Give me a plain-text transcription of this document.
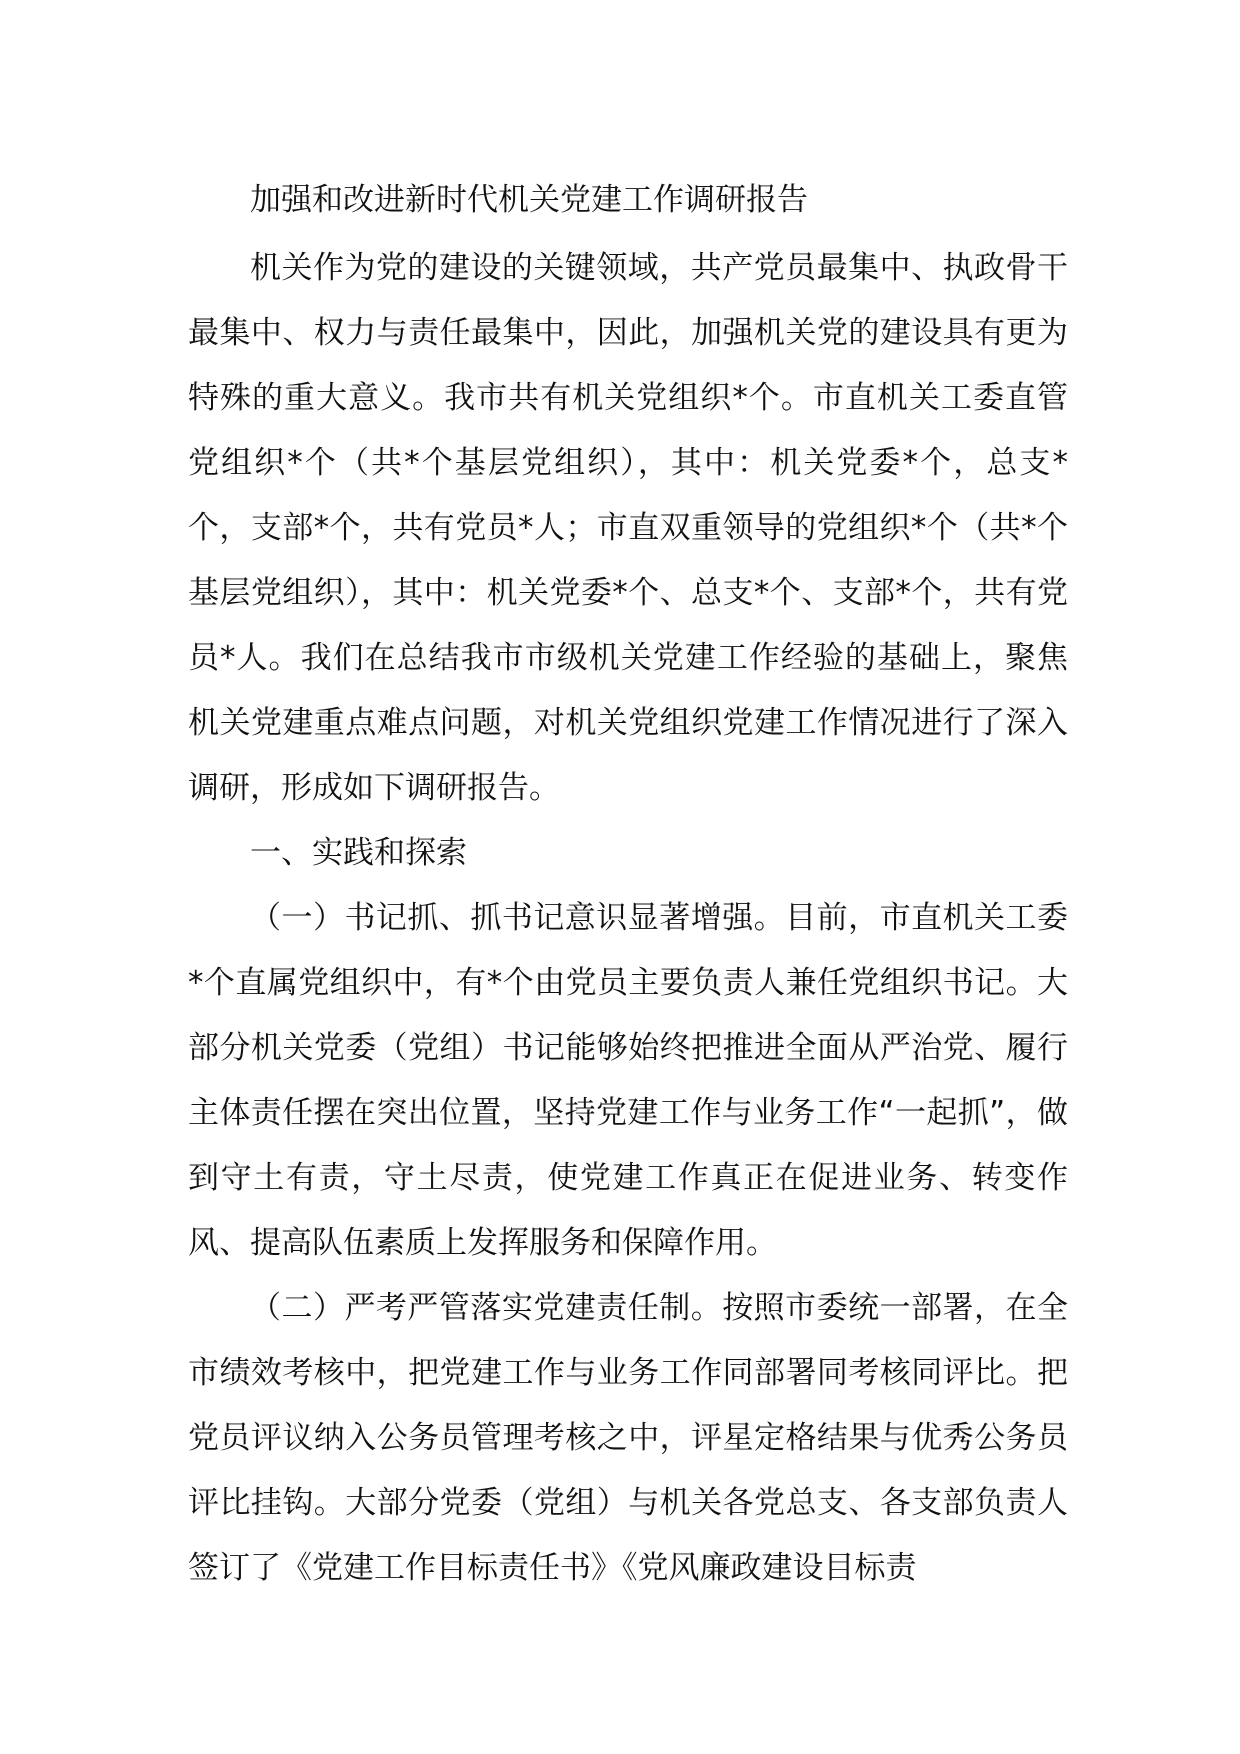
加强和改进新时代机关党建工作调研报告

机关作为党的建设的关键领域，共产党员最集中、执政骨干最集中、权力与责任最集中，因此，加强机关党的建设具有更为特殊的重大意义。我市共有机关党组织*个。市直机关工委直管党组织*个（共*个基层党组织），其中：机关党委*个，总支*个，支部*个，共有党员*人；市直双重领导的党组织*个（共*个基层党组织），其中：机关党委*个、总支*个、支部*个，共有党员*人。我们在总结我市市级机关党建工作经验的基础上，聚焦机关党建重点难点问题，对机关党组织党建工作情况进行了深入调研，形成如下调研报告。

一、实践和探索

（一）书记抓、抓书记意识显著增强。目前，市直机关工委*个直属党组织中，有*个由党员主要负责人兼任党组织书记。大部分机关党委（党组）书记能够始终把推进全面从严治党、履行主体责任摆在突出位置，坚持党建工作与业务工作“一起抓”，做到守土有责，守土尽责，使党建工作真正在促进业务、转变作风、提高队伍素质上发挥服务和保障作用。

（二）严考严管落实党建责任制。按照市委统一部署，在全市绩效考核中，把党建工作与业务工作同部署同考核同评比。把党员评议纳入公务员管理考核之中，评星定格结果与优秀公务员评比挂钩。大部分党委（党组）与机关各党总支、各支部负责人签订了《党建工作目标责任书》《党风廉政建设目标责
